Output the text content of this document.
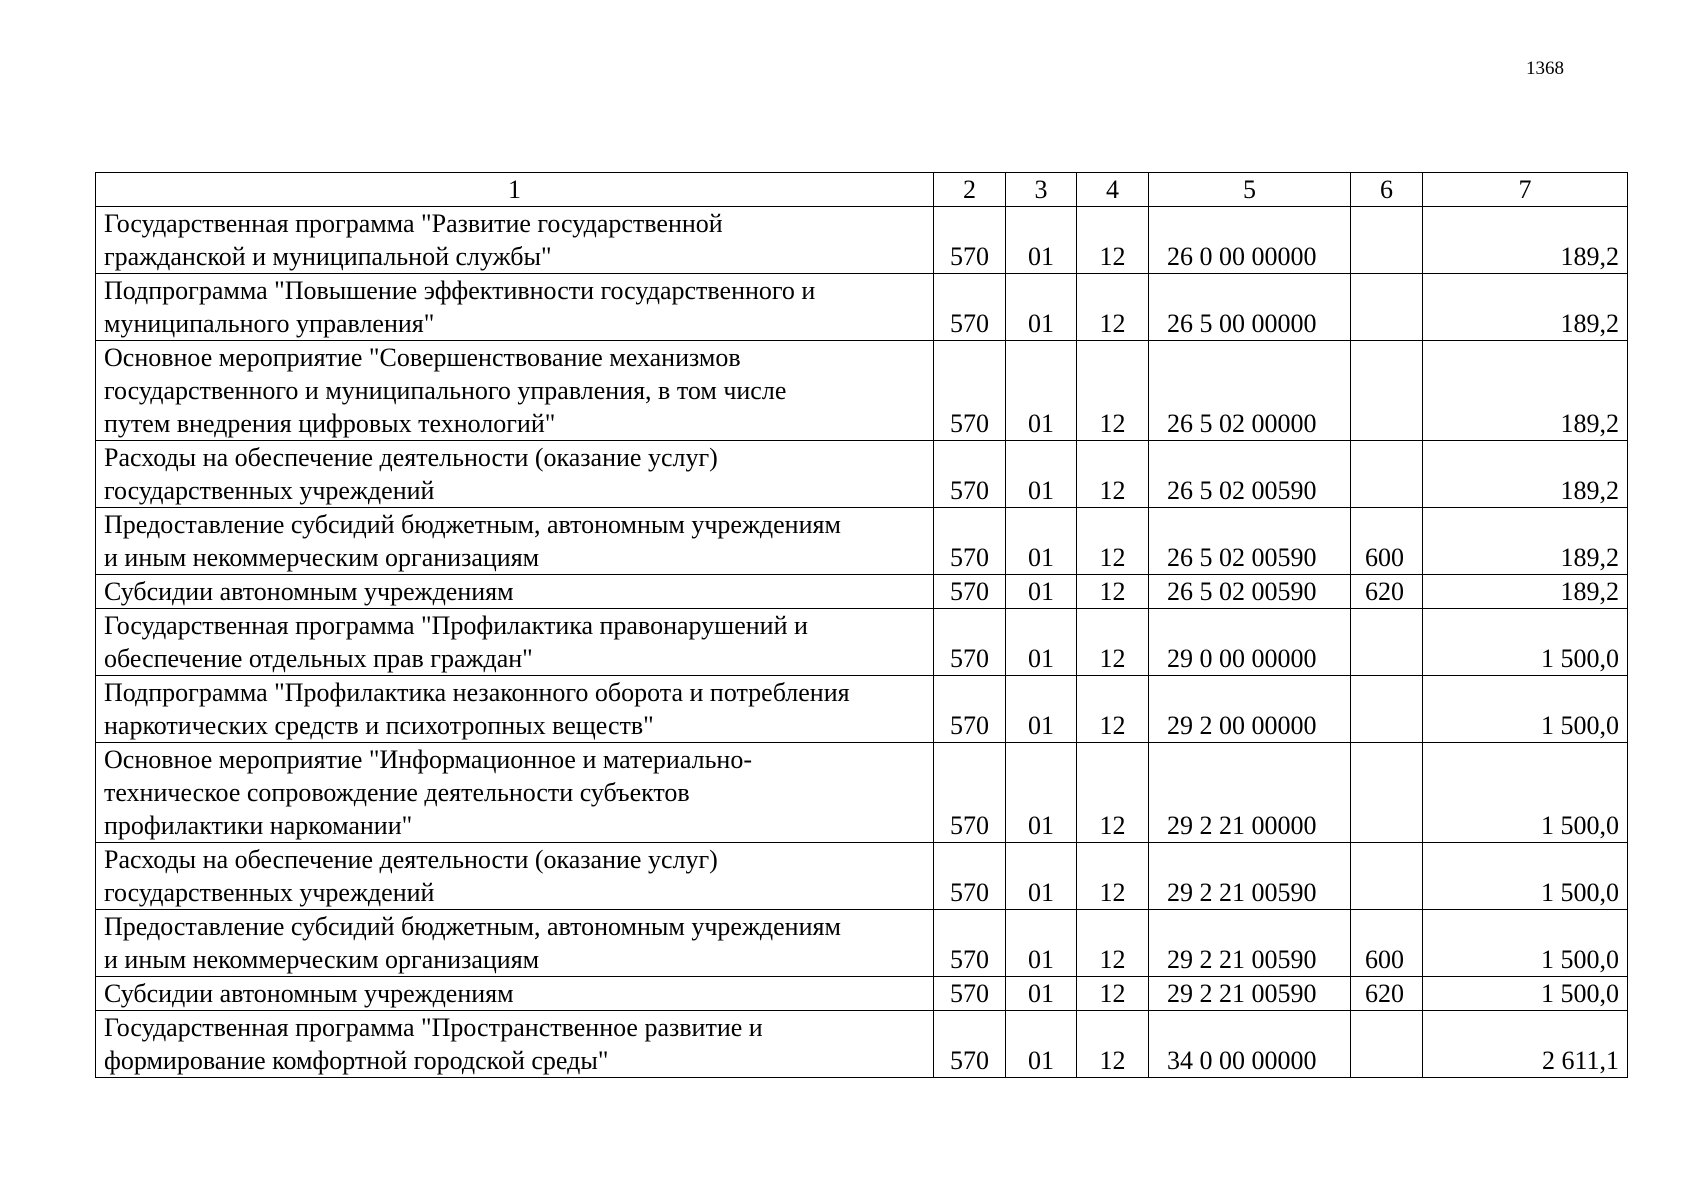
1368
1	2	3	4	5	6	7
Государственная программа "Развитие государственной
гражданской и муниципальной службы"	570	01	12	26 0 00 00000		189,2
Подпрограмма "Повышение эффективности государственного и
муниципального управления"	570	01	12	26 5 00 00000		189,2
Основное мероприятие "Совершенствование механизмов
государственного и муниципального управления, в том числе
путем внедрения цифровых технологий"	570	01	12	26 5 02 00000		189,2
Расходы на обеспечение деятельности (оказание услуг)
государственных учреждений	570	01	12	26 5 02 00590		189,2
Предоставление субсидий бюджетным, автономным учреждениям
и иным некоммерческим организациям	570	01	12	26 5 02 00590	600	189,2
Субсидии автономным учреждениям	570	01	12	26 5 02 00590	620	189,2
Государственная программа "Профилактика правонарушений и
обеспечение отдельных прав граждан"	570	01	12	29 0 00 00000		1 500,0
Подпрограмма "Профилактика незаконного оборота и потребления
наркотических средств и психотропных веществ"	570	01	12	29 2 00 00000		1 500,0
Основное мероприятие "Информационное и материально-
техническое сопровождение деятельности субъектов
профилактики наркомании"	570	01	12	29 2 21 00000		1 500,0
Расходы на обеспечение деятельности (оказание услуг)
государственных учреждений	570	01	12	29 2 21 00590		1 500,0
Предоставление субсидий бюджетным, автономным учреждениям
и иным некоммерческим организациям	570	01	12	29 2 21 00590	600	1 500,0
Субсидии автономным учреждениям	570	01	12	29 2 21 00590	620	1 500,0
Государственная программа "Пространственное развитие и
формирование комфортной городской среды"	570	01	12	34 0 00 00000		2 611,1
